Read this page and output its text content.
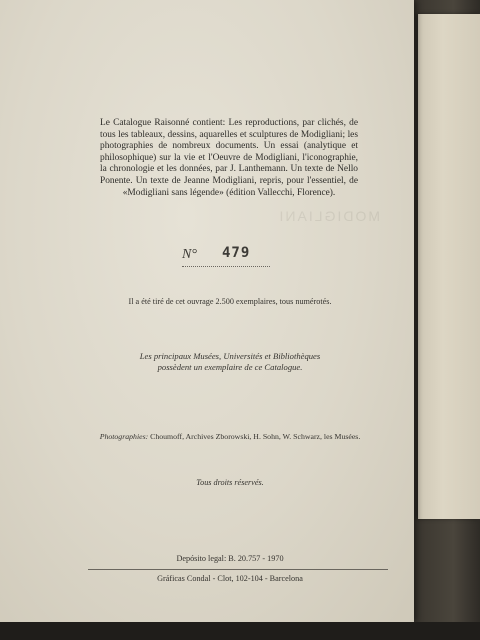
MODIGLIANI

Le Catalogue Raisonné contient: Les reproductions, par clichés, de tous les tableaux, dessins, aquarelles et sculptures de Modigliani; les photographies de nombreux documents. Un essai (analytique et philosophique) sur la vie et l'Oeuvre de Modigliani, l'iconographie, la chronologie et les données, par J. Lanthemann. Un texte de Nello Ponente. Un texte de Jeanne Modigliani, repris, pour l'essentiel, de «Modigliani sans légende» (édition Vallecchi, Florence).

N° 479
Il a été tiré de cet ouvrage 2.500 exemplaires, tous numérotés.
Les principaux Musées, Universités et Bibliothèques
possèdent un exemplaire de ce Catalogue.
Photographies: Choumoff, Archives Zborowski, H. Sohn, W. Schwarz, les Musées.
Tous droits réservés.
Depósito legal: B. 20.757 - 1970
Gráficas Condal - Clot, 102-104 - Barcelona
